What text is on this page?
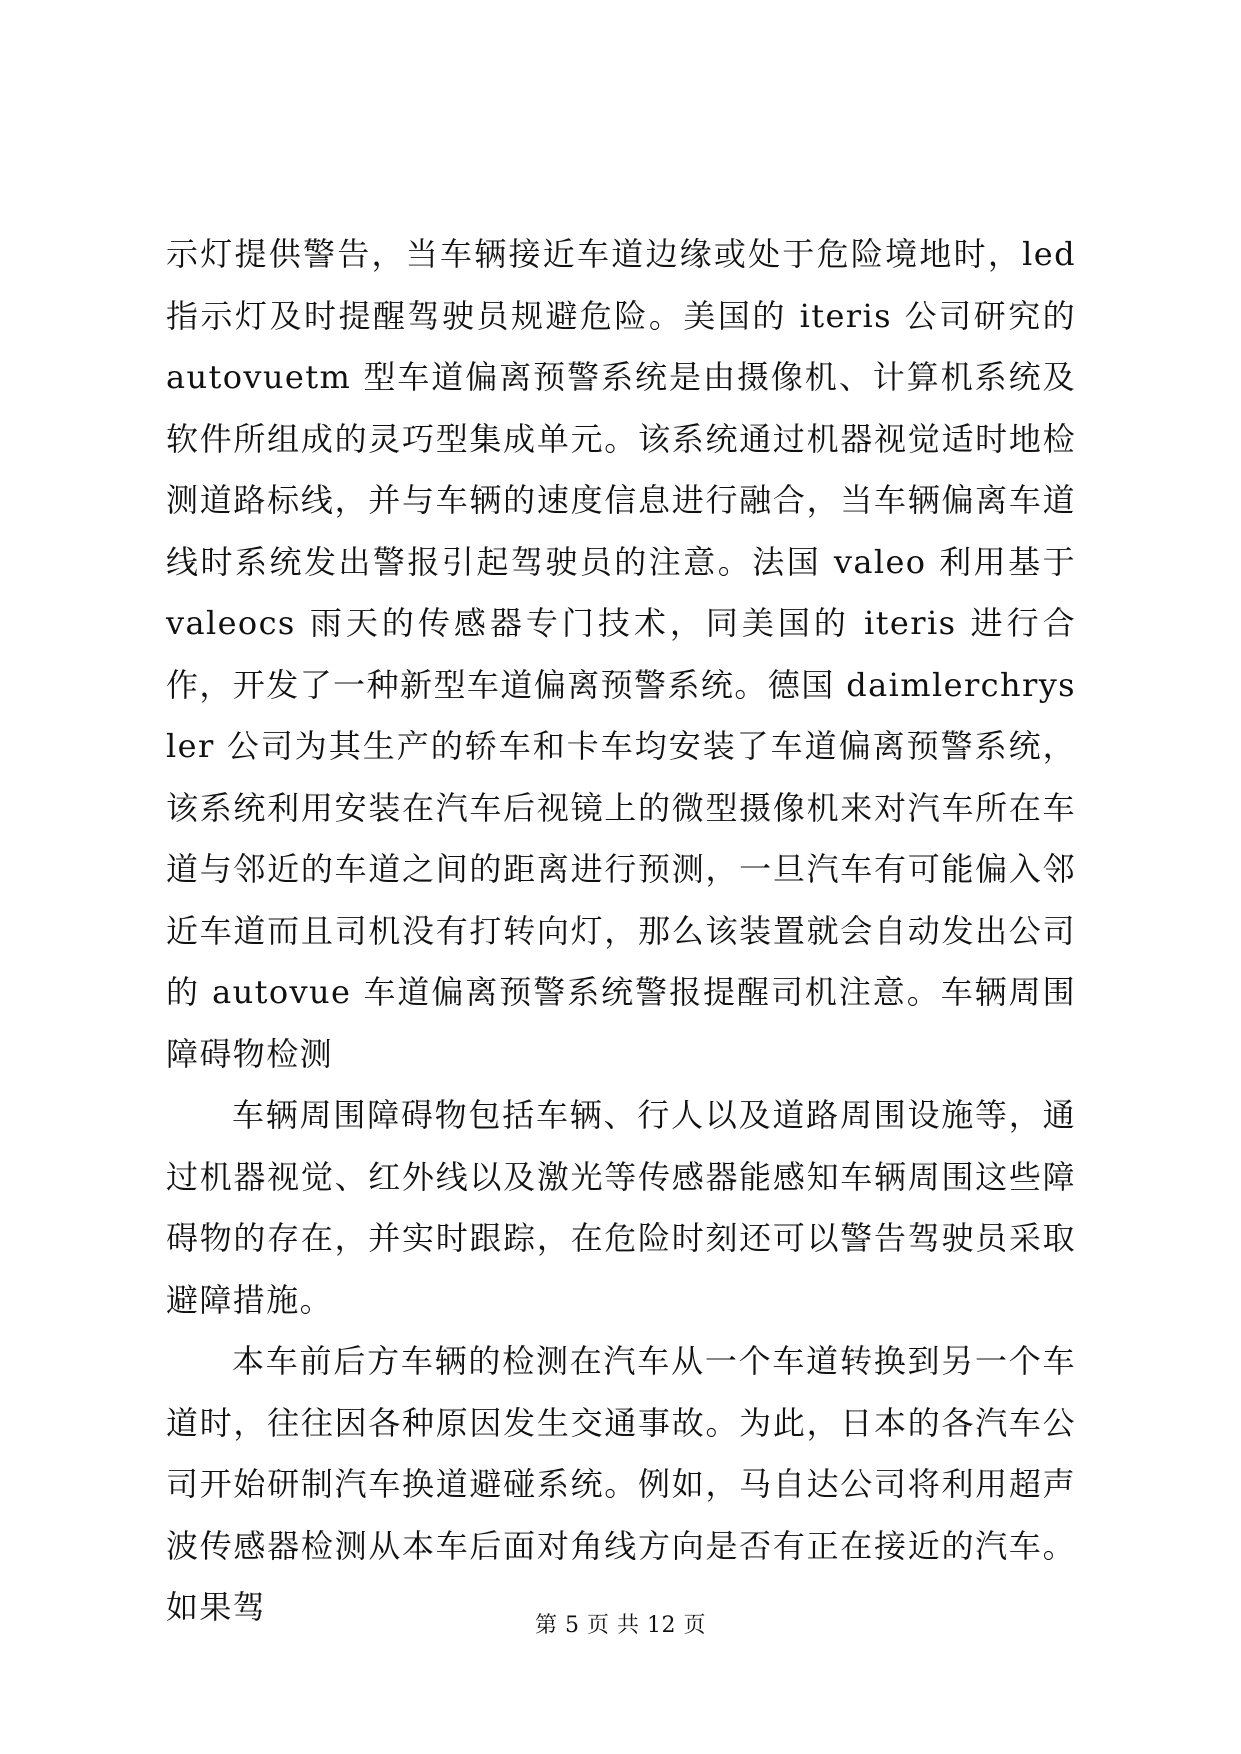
示灯提供警告，当车辆接近车道边缘或处于危险境地时，led 指示灯及时提醒驾驶员规避危险。美国的 iteris 公司研究的 autovuetm 型车道偏离预警系统是由摄像机、计算机系统及软件所组成的灵巧型集成单元。该系统通过机器视觉适时地检测道路标线，并与车辆的速度信息进行融合，当车辆偏离车道线时系统发出警报引起驾驶员的注意。法国 valeo 利用基于 valeocs 雨天的传感器专门技术，同美国的 iteris 进行合作，开发了一种新型车道偏离预警系统。德国 daimlerchrysler 公司为其生产的轿车和卡车均安装了车道偏离预警系统，该系统利用安装在汽车后视镜上的微型摄像机来对汽车所在车道与邻近的车道之间的距离进行预测，一旦汽车有可能偏入邻近车道而且司机没有打转向灯，那么该装置就会自动发出公司的 autovue 车道偏离预警系统警报提醒司机注意。车辆周围障碍物检测

车辆周围障碍物包括车辆、行人以及道路周围设施等，通过机器视觉、红外线以及激光等传感器能感知车辆周围这些障碍物的存在，并实时跟踪，在危险时刻还可以警告驾驶员采取避障措施。

本车前后方车辆的检测在汽车从一个车道转换到另一个车道时，往往因各种原因发生交通事故。为此，日本的各汽车公司开始研制汽车换道避碰系统。例如，马自达公司将利用超声波传感器检测从本车后面对角线方向是否有正在接近的汽车。如果驾	第 5 页 共 12 页
